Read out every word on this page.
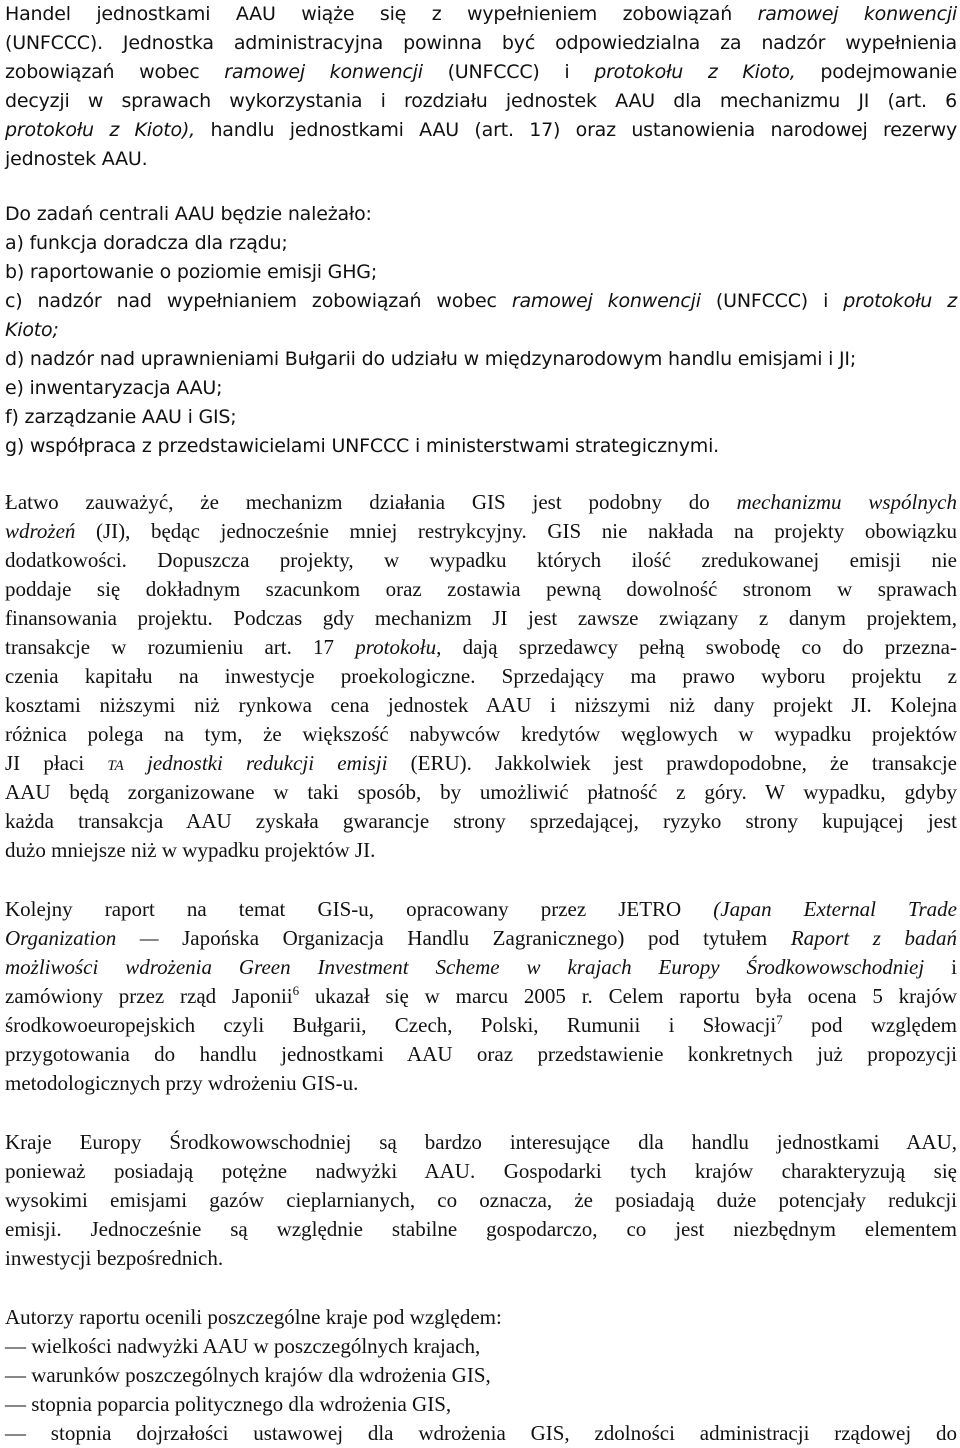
Handel jednostkami AAU wiąże się z wypełnieniem zobowiązań ramowej konwencji
(UNFCCC). Jednostka administracyjna powinna być odpowiedzialna za nadzór wypełnienia
zobowiązań wobec ramowej konwencji (UNFCCC) i protokołu z Kioto, podejmowanie
decyzji w sprawach wykorzystania i rozdziału jednostek AAU dla mechanizmu JI (art. 6
protokołu z Kioto), handlu jednostkami AAU (art. 17) oraz ustanowienia narodowej rezerwy
jednostek AAU.
Do zadań centrali AAU będzie należało:
a) funkcja doradcza dla rządu;
b) raportowanie o poziomie emisji GHG;
c) nadzór nad wypełnianiem zobowiązań wobec ramowej konwencji (UNFCCC) i protokołu z
Kioto;
d) nadzór nad uprawnieniami Bułgarii do udziału w międzynarodowym handlu emisjami i JI;
e) inwentaryzacja AAU;
f) zarządzanie AAU i GIS;
g) współpraca z przedstawicielami UNFCCC i ministerstwami strategicznymi.
Łatwo zauważyć, że mechanizm działania GIS jest podobny do mechanizmu wspólnych
wdrożeń (JI), będąc jednocześnie mniej restrykcyjny. GIS nie nakłada na projekty obowiązku
dodatkowości. Dopuszcza projekty, w wypadku których ilość zredukowanej emisji nie
poddaje się dokładnym szacunkom oraz zostawia pewną dowolność stronom w sprawach
finansowania projektu. Podczas gdy mechanizm JI jest zawsze związany z danym projektem,
transakcje w rozumieniu art. 17 protokołu, dają sprzedawcy pełną swobodę co do przezna-
czenia kapitału na inwestycje proekologiczne. Sprzedający ma prawo wyboru projektu z
kosztami niższymi niż rynkowa cena jednostek AAU i niższymi niż dany projekt JI. Kolejna
różnica polega na tym, że większość nabywców kredytów węglowych w wypadku projektów
JI płaci TA jednostki redukcji emisji (ERU). Jakkolwiek jest prawdopodobne, że transakcje
AAU będą zorganizowane w taki sposób, by umożliwić płatność z góry. W wypadku, gdyby
każda transakcja AAU zyskała gwarancje strony sprzedającej, ryzyko strony kupującej jest
dużo mniejsze niż w wypadku projektów JI.
Kolejny raport na temat GIS-u, opracowany przez JETRO (Japan External Trade
Organization — Japońska Organizacja Handlu Zagranicznego) pod tytułem Raport z badań
możliwości wdrożenia Green Investment Scheme w krajach Europy Środkowowschodniej i
zamówiony przez rząd Japonii$^6$ ukazał się w marcu 2005 r. Celem raportu była ocena 5 krajów
środkowoeuropejskich czyli Bułgarii, Czech, Polski, Rumunii i Słowacji$^7$ pod względem
przygotowania do handlu jednostkami AAU oraz przedstawienie konkretnych już propozycji
metodologicznych przy wdrożeniu GIS-u.
Kraje Europy Środkowowschodniej są bardzo interesujące dla handlu jednostkami AAU,
ponieważ posiadają potężne nadwyżki AAU. Gospodarki tych krajów charakteryzują się
wysokimi emisjami gazów cieplarnianych, co oznacza, że posiadają duże potencjały redukcji
emisji. Jednocześnie są względnie stabilne gospodarczo, co jest niezbędnym elementem
inwestycji bezpośrednich.
Autorzy raportu ocenili poszczególne kraje pod względem:
— wielkości nadwyżki AAU w poszczególnych krajach,
— warunków poszczególnych krajów dla wdrożenia GIS,
— stopnia poparcia politycznego dla wdrożenia GIS,
— stopnia dojrzałości ustawowej dla wdrożenia GIS, zdolności administracji rządowej do
